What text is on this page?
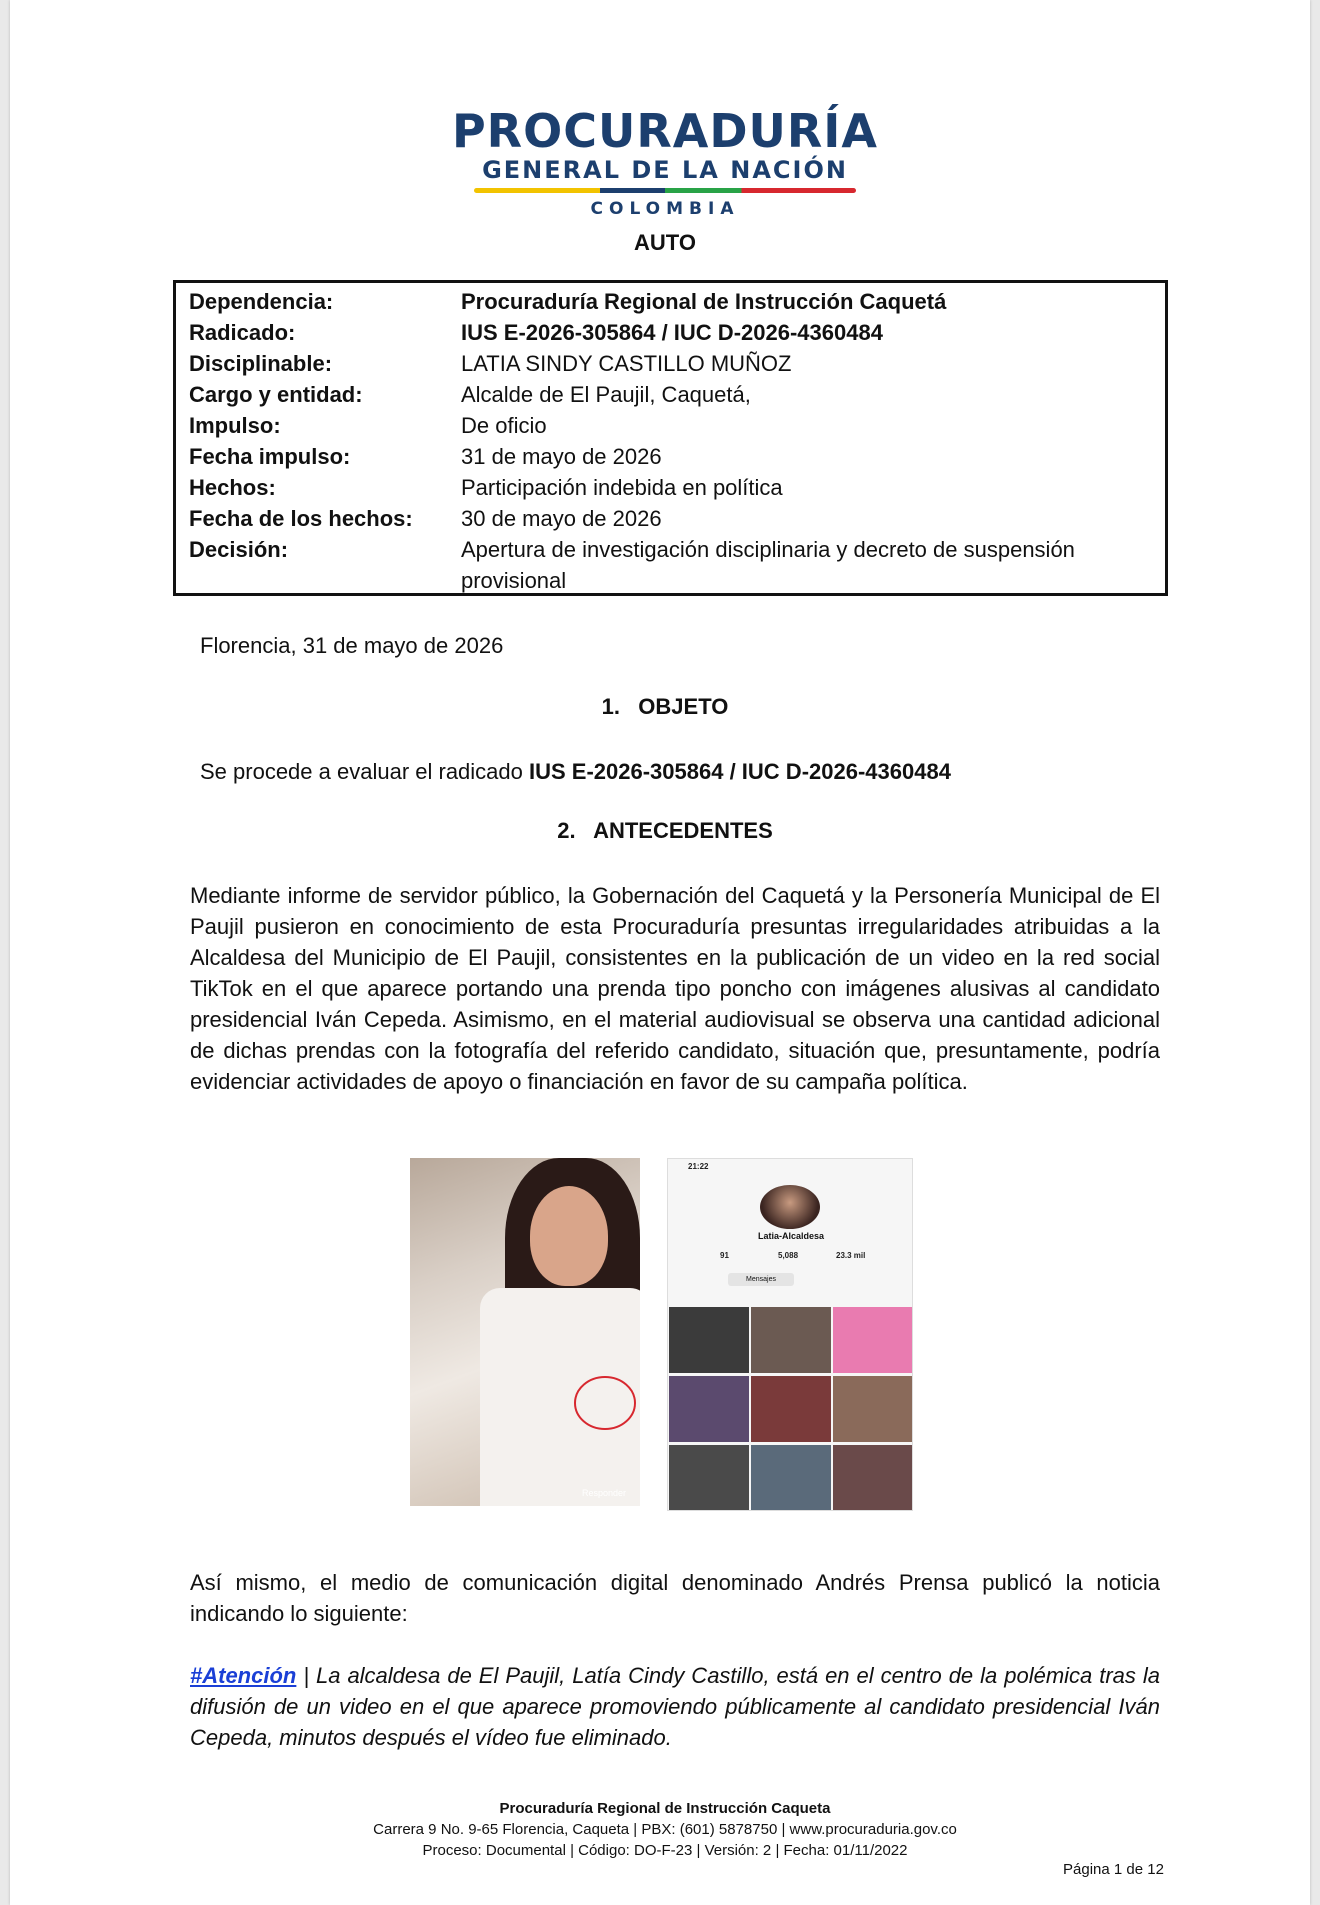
PROCURADURÍA
GENERAL DE LA NACIÓN
COLOMBIA
AUTO
Dependencia:	Procuraduría Regional de Instrucción Caquetá
Radicado:	IUS E-2026-305864 / IUC D-2026-4360484
Disciplinable:	LATIA SINDY CASTILLO MUÑOZ
Cargo y entidad:	Alcalde de El Paujil, Caquetá,
Impulso:	De oficio
Fecha impulso:	31 de mayo de 2026
Hechos:	Participación indebida en política
Fecha de los hechos: 30 de mayo de 2026
Decisión:	Apertura de investigación disciplinaria y decreto de suspensión provisional
Florencia, 31 de mayo de 2026
1.   OBJETO
Se procede a evaluar el radicado IUS E-2026-305864 / IUC D-2026-4360484
2.   ANTECEDENTES
Mediante informe de servidor público, la Gobernación del Caquetá y la Personería Municipal de El Paujil pusieron en conocimiento de esta Procuraduría presuntas irregularidades atribuidas a la Alcaldesa del Municipio de El Paujil, consistentes en la publicación de un video en la red social TikTok en el que aparece portando una prenda tipo poncho con imágenes alusivas al candidato presidencial Iván Cepeda. Asimismo, en el material audiovisual se observa una cantidad adicional de dichas prendas con la fotografía del referido candidato, situación que, presuntamente, podría evidenciar actividades de apoyo o financiación en favor de su campaña política.
Responder
21:22
Latia-Alcaldesa
91	5,088	23.3 mil
Mensajes
Así mismo, el medio de comunicación digital denominado Andrés Prensa publicó la noticia indicando lo siguiente:
#Atención | La alcaldesa de El Paujil, Latía Cindy Castillo, está en el centro de la polémica tras la difusión de un video en el que aparece promoviendo públicamente al candidato presidencial Iván Cepeda, minutos después el vídeo fue eliminado.
Procuraduría Regional de Instrucción Caqueta
Carrera 9 No. 9-65 Florencia, Caqueta | PBX: (601) 5878750 | www.procuraduria.gov.co
Proceso: Documental | Código: DO-F-23 | Versión: 2 | Fecha: 01/11/2022
Página 1 de 12
